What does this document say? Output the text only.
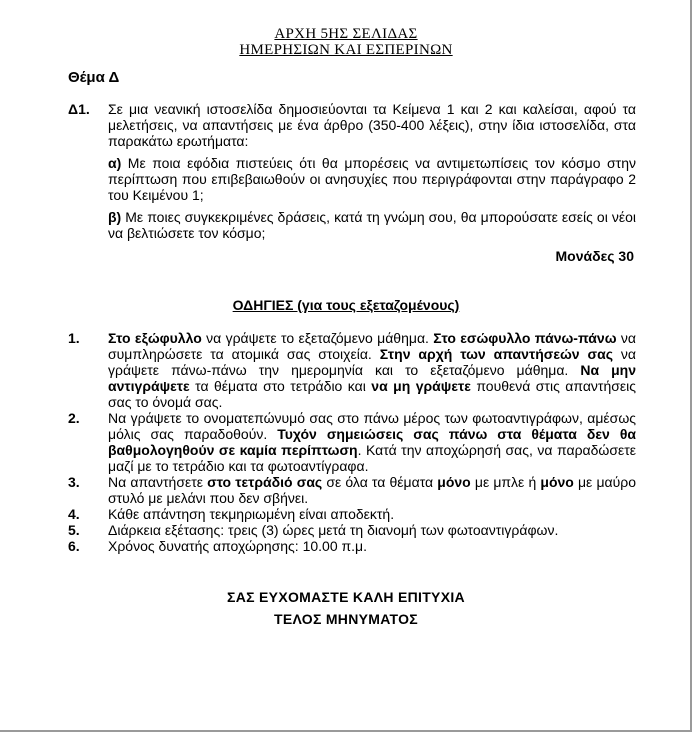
ΑΡΧΗ 5ΗΣ ΣΕΛΙΔΑΣ
ΗΜΕΡΗΣΙΩΝ ΚΑΙ ΕΣΠΕΡΙΝΩΝ
Θέμα Δ
Δ1. Σε μια νεανική ιστοσελίδα δημοσιεύονται τα Κείμενα 1 και 2 και καλείσαι, αφού τα μελετήσεις, να απαντήσεις με ένα άρθρο (350-400 λέξεις), στην ίδια ιστοσελίδα, στα παρακάτω ερωτήματα:

α) Με ποια εφόδια πιστεύεις ότι θα μπορέσεις να αντιμετωπίσεις τον κόσμο στην περίπτωση που επιβεβαιωθούν οι ανησυχίες που περιγράφονται στην παράγραφο 2 του Κειμένου 1;

β) Με ποιες συγκεκριμένες δράσεις, κατά τη γνώμη σου, θα μπορούσατε εσείς οι νέοι να βελτιώσετε τον κόσμο;

Μονάδες 30
ΟΔΗΓΙΕΣ (για τους εξεταζομένους)

1. Στο εξώφυλλο να γράψετε το εξεταζόμενο μάθημα. Στο εσώφυλλο πάνω-πάνω να συμπληρώσετε τα ατομικά σας στοιχεία. Στην αρχή των απαντήσεών σας να γράψετε πάνω-πάνω την ημερομηνία και το εξεταζόμενο μάθημα. Να μην αντιγράψετε τα θέματα στο τετράδιο και να μη γράψετε πουθενά στις απαντήσεις σας το όνομά σας.

2. Να γράψετε το ονοματεπώνυμό σας στο πάνω μέρος των φωτοαντιγράφων, αμέσως μόλις σας παραδοθούν. Τυχόν σημειώσεις σας πάνω στα θέματα δεν θα βαθμολογηθούν σε καμία περίπτωση. Κατά την αποχώρησή σας, να παραδώσετε μαζί με το τετράδιο και τα φωτοαντίγραφα.

3. Να απαντήσετε στο τετράδιό σας σε όλα τα θέματα μόνο με μπλε ή μόνο με μαύρο στυλό με μελάνι που δεν σβήνει.

4. Κάθε απάντηση τεκμηριωμένη είναι αποδεκτή.

5. Διάρκεια εξέτασης: τρεις (3) ώρες μετά τη διανομή των φωτοαντιγράφων.

6. Χρόνος δυνατής αποχώρησης: 10.00 π.μ.

ΣΑΣ ΕΥΧΟΜΑΣΤΕ ΚΑΛΗ ΕΠΙΤΥΧΙΑ
ΤΕΛΟΣ ΜΗΝΥΜΑΤΟΣ
